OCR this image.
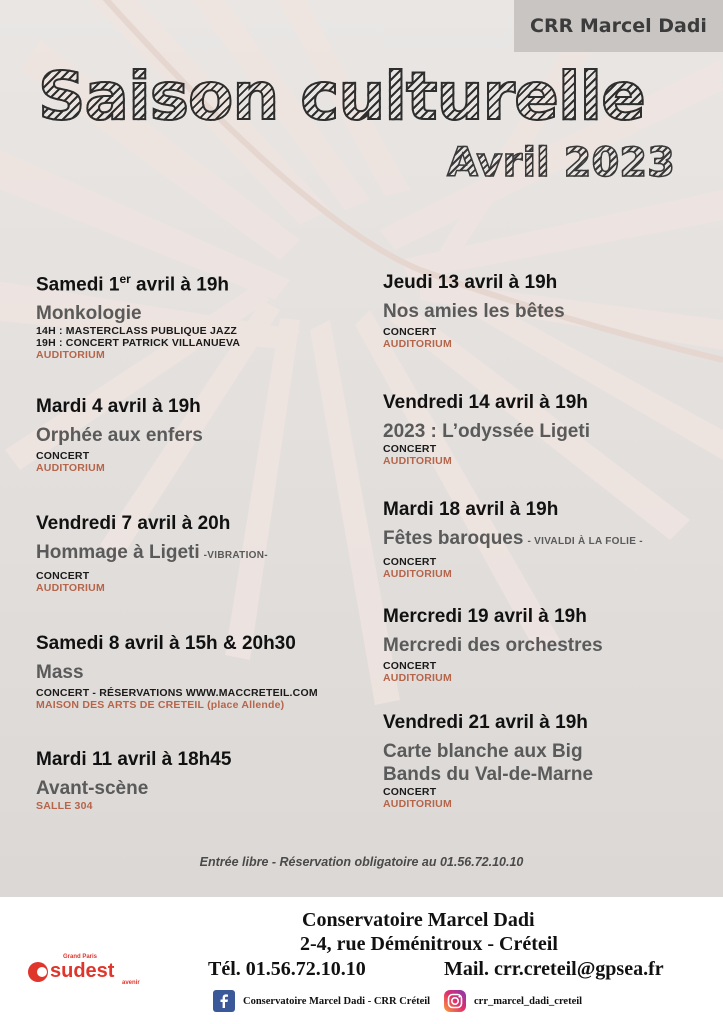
CRR Marcel Dadi
Saison culturelle
Avril 2023
Samedi 1er avril à 19h
Monkologie
14H : MASTERCLASS PUBLIQUE JAZZ
19H : CONCERT PATRICK VILLANUEVA
AUDITORIUM
Mardi 4 avril à 19h
Orphée aux enfers
CONCERT
AUDITORIUM
Vendredi 7 avril à 20h
Hommage à Ligeti -VIBRATION-
CONCERT
AUDITORIUM
Samedi 8 avril à 15h & 20h30
Mass
CONCERT - RÉSERVATIONS WWW.MACCRETEIL.COM
MAISON DES ARTS DE CRETEIL (place Allende)
Mardi 11 avril à 18h45
Avant-scène
SALLE 304
Jeudi 13 avril à 19h
Nos amies les bêtes
CONCERT
AUDITORIUM
Vendredi 14 avril à 19h
2023 : L’odyssée Ligeti
CONCERT
AUDITORIUM
Mardi 18 avril à 19h
Fêtes baroques - VIVALDI À LA FOLIE -
CONCERT
AUDITORIUM
Mercredi 19 avril à 19h
Mercredi des orchestres
CONCERT
AUDITORIUM
Vendredi 21 avril à 19h
Carte blanche aux Big
Bands du Val-de-Marne
CONCERT
AUDITORIUM
Entrée libre - Réservation obligatoire au 01.56.72.10.10
Grand Paris
sudest
avenir
Conservatoire Marcel Dadi
2-4, rue Déménitroux - Créteil
Tél. 01.56.72.10.10	Mail. crr.creteil@gpsea.fr
Conservatoire Marcel Dadi - CRR Créteil	crr_marcel_dadi_creteil
